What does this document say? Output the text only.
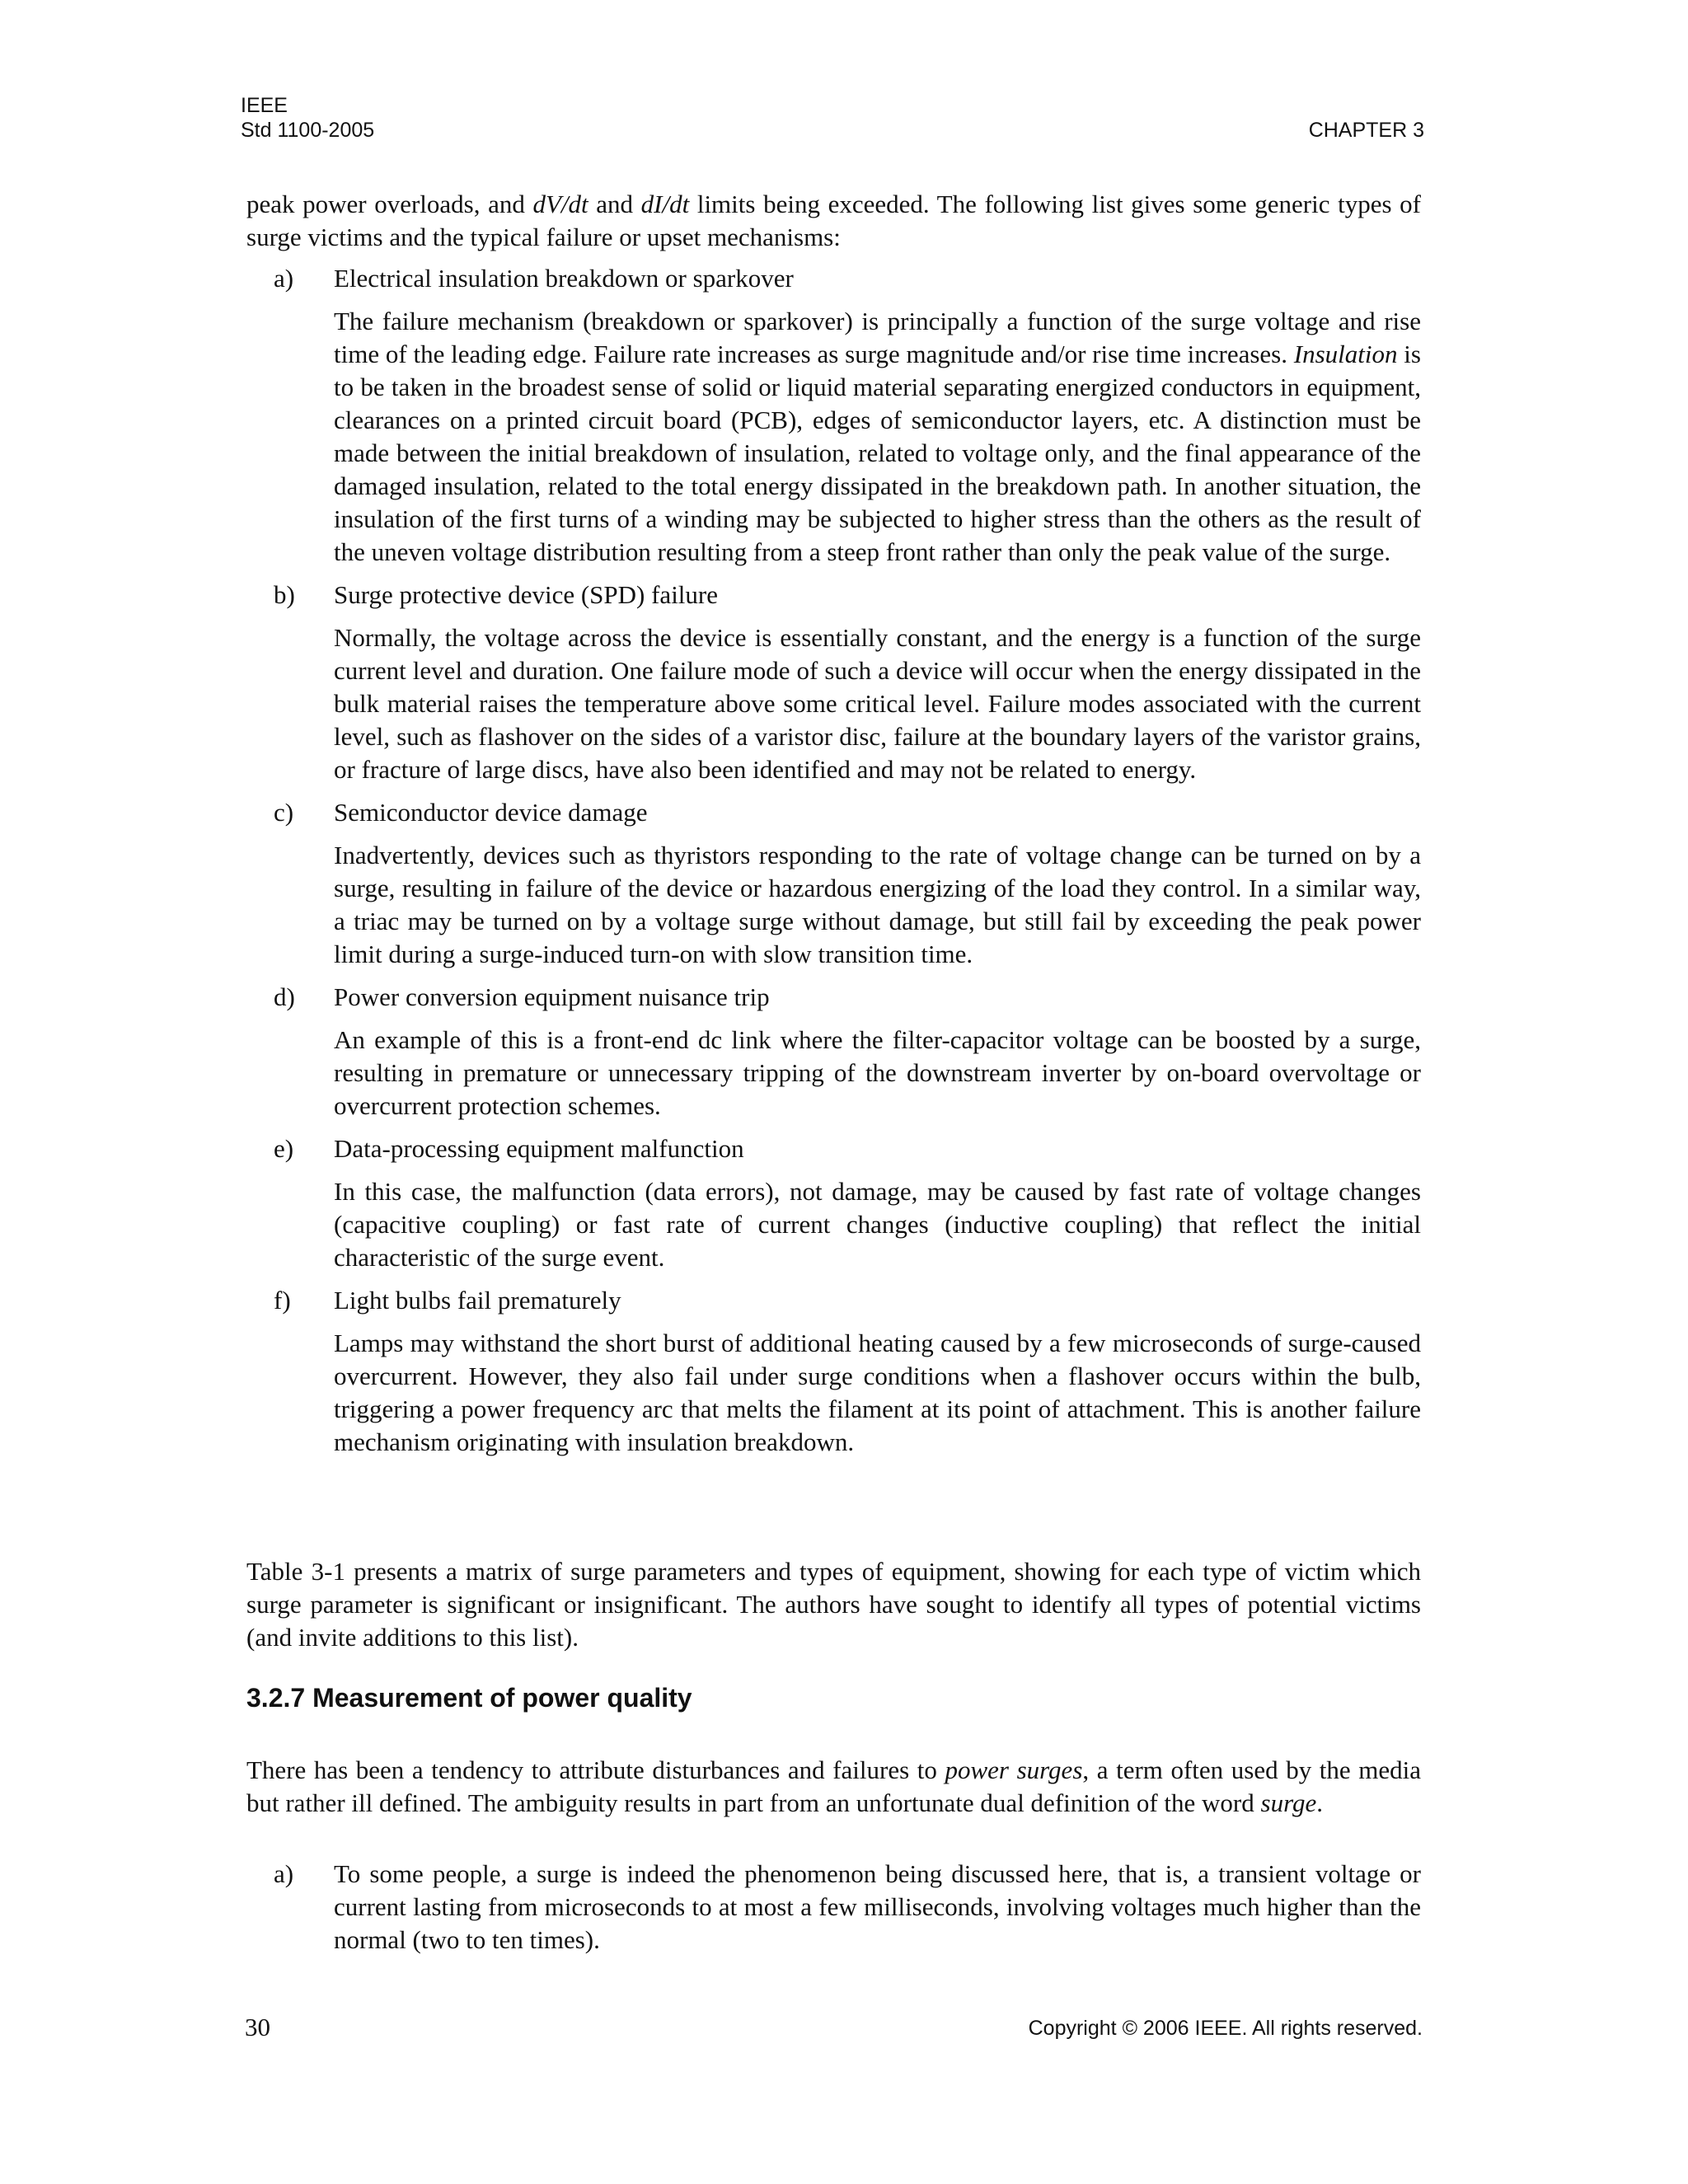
IEEE
Std 1100-2005	CHAPTER 3

peak power overloads, and dV/dt and dI/dt limits being exceeded. The following list gives some generic types of surge victims and the typical failure or upset mechanisms:

a) Electrical insulation breakdown or sparkover
The failure mechanism (breakdown or sparkover) is principally a function of the surge voltage and rise time of the leading edge. Failure rate increases as surge magnitude and/or rise time increases. Insulation is to be taken in the broadest sense of solid or liquid material separating energized conductors in equipment, clearances on a printed circuit board (PCB), edges of semiconductor layers, etc. A distinction must be made between the initial breakdown of insulation, related to voltage only, and the final appearance of the damaged insulation, related to the total energy dissipated in the breakdown path. In another situation, the insulation of the first turns of a winding may be subjected to higher stress than the others as the result of the uneven voltage distribution resulting from a steep front rather than only the peak value of the surge.
b) Surge protective device (SPD) failure
Normally, the voltage across the device is essentially constant, and the energy is a function of the surge current level and duration. One failure mode of such a device will occur when the energy dissipated in the bulk material raises the temperature above some critical level. Failure modes associated with the current level, such as flashover on the sides of a varistor disc, failure at the boundary layers of the varistor grains, or fracture of large discs, have also been identified and may not be related to energy.
c) Semiconductor device damage
Inadvertently, devices such as thyristors responding to the rate of voltage change can be turned on by a surge, resulting in failure of the device or hazardous energizing of the load they control. In a similar way, a triac may be turned on by a voltage surge without damage, but still fail by exceeding the peak power limit during a surge-induced turn-on with slow transition time.
d) Power conversion equipment nuisance trip
An example of this is a front-end dc link where the filter-capacitor voltage can be boosted by a surge, resulting in premature or unnecessary tripping of the downstream inverter by on-board overvoltage or overcurrent protection schemes.
e) Data-processing equipment malfunction
In this case, the malfunction (data errors), not damage, may be caused by fast rate of voltage changes (capacitive coupling) or fast rate of current changes (inductive coupling) that reflect the initial characteristic of the surge event.
f) Light bulbs fail prematurely
Lamps may withstand the short burst of additional heating caused by a few microseconds of surge-caused overcurrent. However, they also fail under surge conditions when a flashover occurs within the bulb, triggering a power frequency arc that melts the filament at its point of attachment. This is another failure mechanism originating with insulation breakdown.

Table 3-1 presents a matrix of surge parameters and types of equipment, showing for each type of victim which surge parameter is significant or insignificant. The authors have sought to identify all types of potential victims (and invite additions to this list).

3.2.7 Measurement of power quality

There has been a tendency to attribute disturbances and failures to power surges, a term often used by the media but rather ill defined. The ambiguity results in part from an unfortunate dual definition of the word surge.

a) To some people, a surge is indeed the phenomenon being discussed here, that is, a transient voltage or current lasting from microseconds to at most a few milliseconds, involving voltages much higher than the normal (two to ten times).
30	Copyright © 2006 IEEE. All rights reserved.
